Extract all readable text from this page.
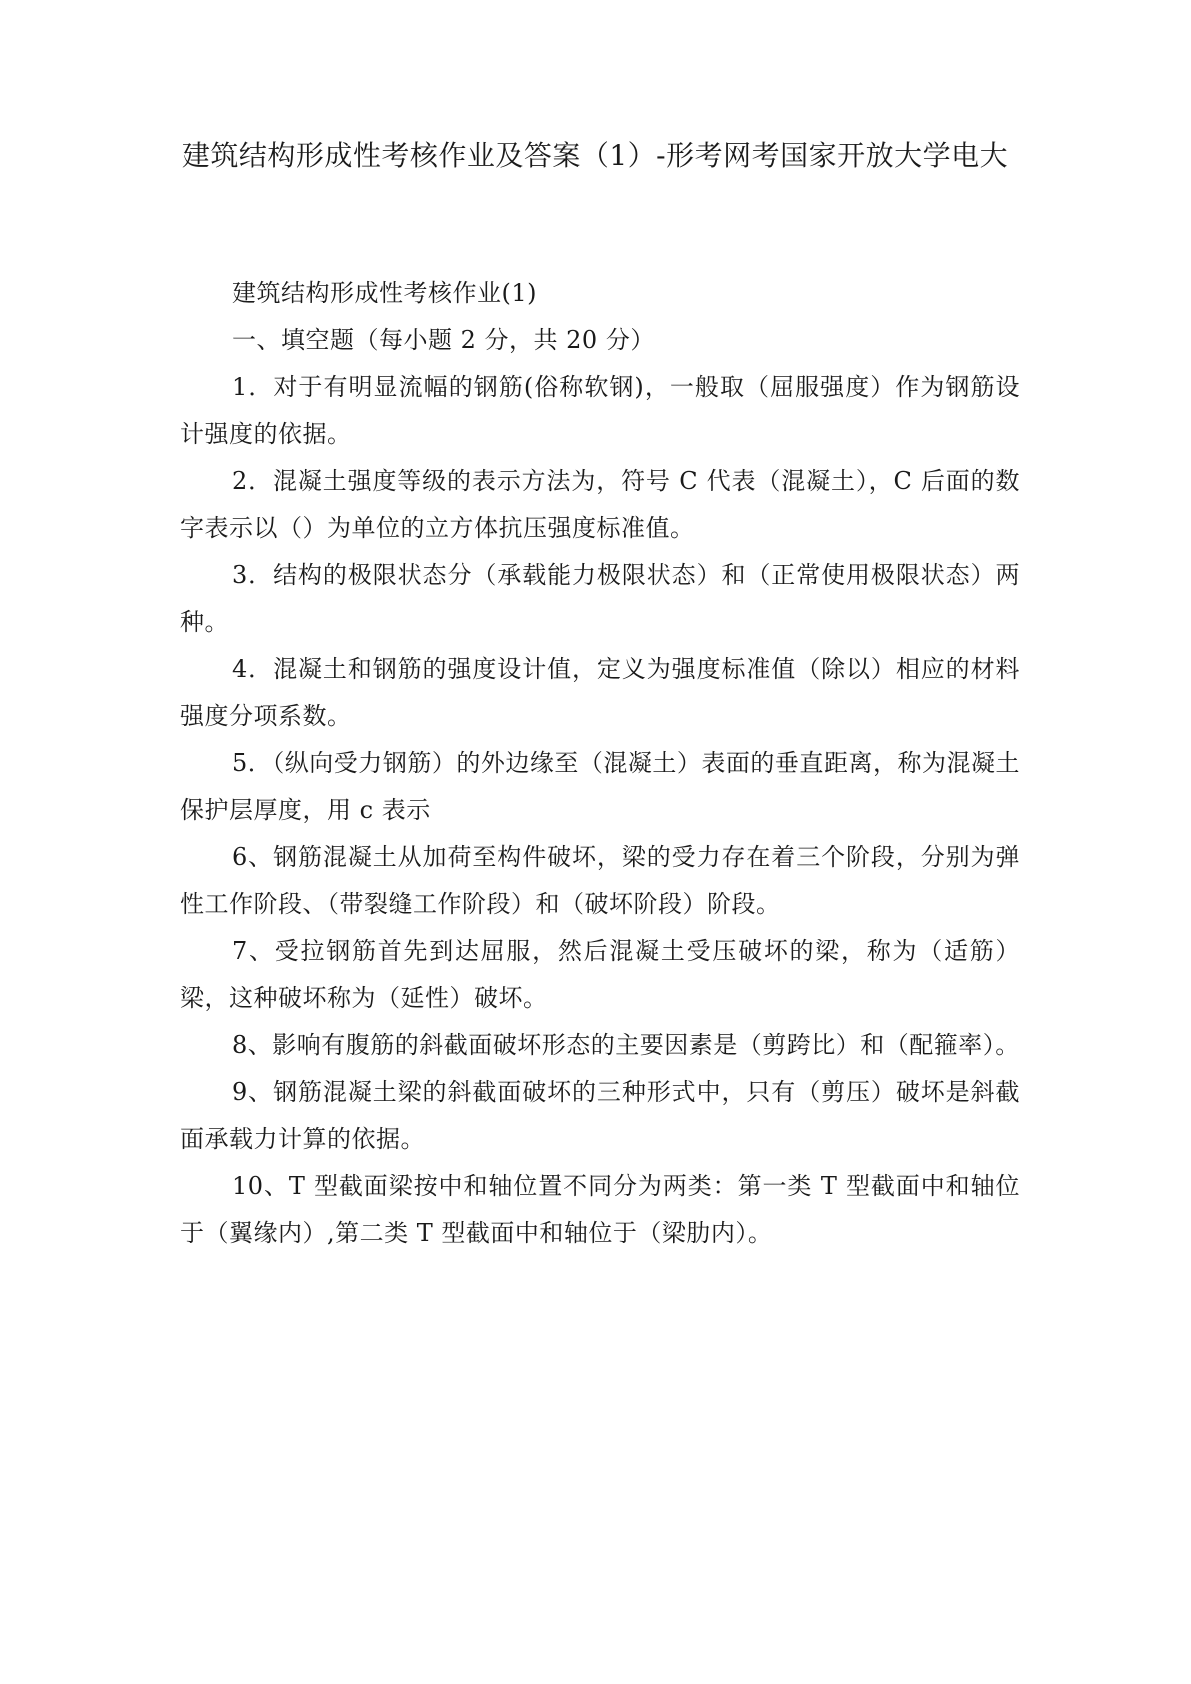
建筑结构形成性考核作业及答案（1）-形考网考国家开放大学电大

建筑结构形成性考核作业(1)

一、填空题（每小题 2 分，共 20 分）

1．对于有明显流幅的钢筋(俗称软钢)，一般取（屈服强度）作为钢筋设计强度的依据。

2．混凝土强度等级的表示方法为，符号 C 代表（混凝土），C 后面的数字表示以（）为单位的立方体抗压强度标准值。

3．结构的极限状态分（承载能力极限状态）和（正常使用极限状态）两种。

4．混凝土和钢筋的强度设计值，定义为强度标准值（除以）相应的材料强度分项系数。

5．（纵向受力钢筋）的外边缘至（混凝土）表面的垂直距离，称为混凝土保护层厚度，用 c 表示

6、钢筋混凝土从加荷至构件破坏，梁的受力存在着三个阶段，分别为弹性工作阶段、（带裂缝工作阶段）和（破坏阶段）阶段。

7、受拉钢筋首先到达屈服，然后混凝土受压破坏的梁，称为（适筋）梁，这种破坏称为（延性）破坏。

8、影响有腹筋的斜截面破坏形态的主要因素是（剪跨比）和（配箍率）。

9、钢筋混凝土梁的斜截面破坏的三种形式中，只有（剪压）破坏是斜截面承载力计算的依据。

10、T 型截面梁按中和轴位置不同分为两类：第一类 T 型截面中和轴位于（翼缘内）,第二类 T 型截面中和轴位于（梁肋内）。
